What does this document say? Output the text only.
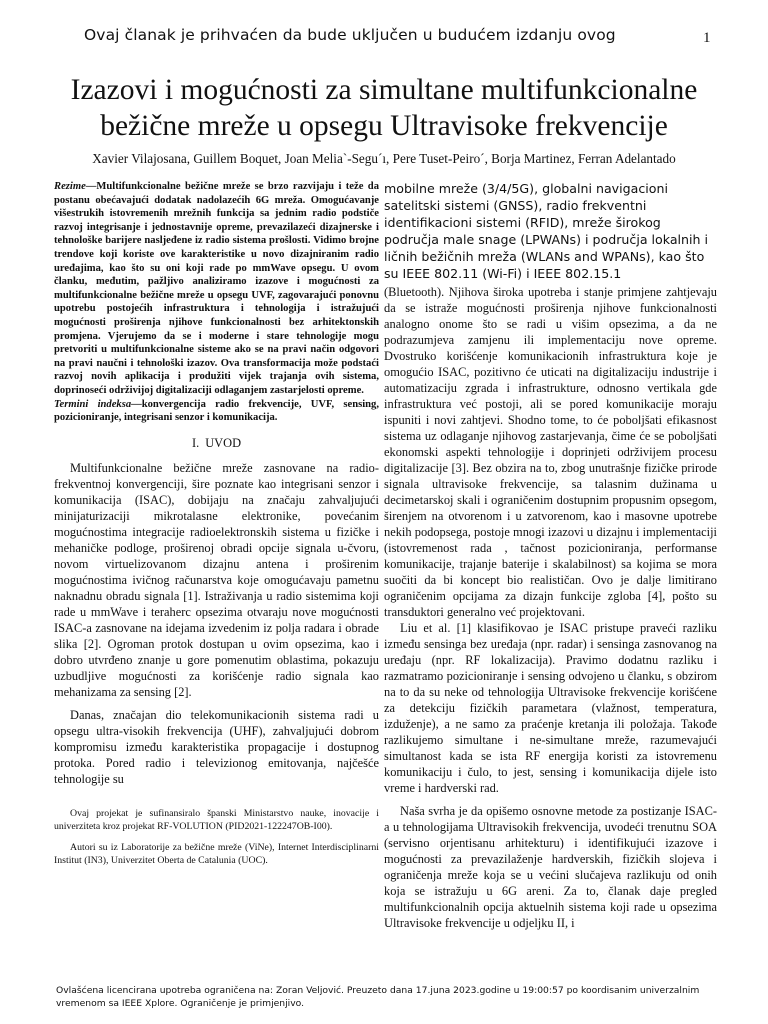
Ovaj članak je prihvaćen da bude uključen u budućem izdanju ovog	1
Izazovi i mogućnosti za simultane multifunkcionalne
bežične mreže u opsegu Ultravisoke frekvencije
Xavier Vilajosana, Guillem Boquet, Joan Melia`-Segu´ı, Pere Tuset-Peiro´, Borja Martinez, Ferran Adelantado

Rezime—Multifunkcionalne bežične mreže se brzo razvijaju i teže da postanu obećavajući dodatak nadolazećih 6G mreža. Omogućavanje višestrukih istovremenih mrežnih funkcija sa jednim radio podstiče razvoj integrisanje i jednostavnije opreme, prevazilazeći dizajnerske i tehnološke barijere nasljeđene iz radio sistema prošlosti. Vidimo brojne trendove koji koriste ove karakteristike u novo dizajniranim radio uređajima, kao što su oni koji rade po mmWave opsegu. U ovom članku, međutim, pažljivo analiziramo izazove i mogućnosti za multifunkcionalne bežične mreže u opsegu UVF, zagovarajući ponovnu upotrebu postojećih infrastruktura i tehnologija i istražujući mogućnosti proširenja njihove funkcionalnosti bez arhitektonskih promjena. Vjerujemo da se i moderne i stare tehnologije mogu pretvoriti u multifunkcionalne sisteme ako se na pravi način odgovori na pravi naučni i tehnološki izazov. Ova transformacija može podstaći razvoj novih aplikacija i produžiti vijek trajanja ovih sistema, doprinoseći održivijoj digitalizaciji odlaganjem zastarjelosti opreme.

Termini indeksa—konvergencija radio frekvencije, UVF, sensing, pozicioniranje, integrisani senzor i komunikacija.

I. UVOD

Multifunkcionalne bežične mreže zasnovane na radio-frekventnoj konvergenciji, šire poznate kao integrisani senzor i komunikacija (ISAC), dobijaju na značaju zahvaljujući minijaturizaciji mikrotalasne elektronike, povećanim mogućnostima integracije radioelektronskih sistema u fizičke i mehaničke podloge, proširenoj obradi opcije signala u-čvoru, novom virtuelizovanom dizajnu antena i proširenim mogućnostima ivičnog računarstva koje omogućavaju pametnu naknadnu obradu signala [1]. Istraživanja u radio sistemima koji rade u mmWave i teraherc opsezima otvaraju nove mogućnosti ISAC-a zasnovane na idejama izvedenim iz polja radara i obrade slika [2]. Ogroman protok dostupan u ovim opsezima, kao i dobro utvrđeno znanje u gore pomenutim oblastima, pokazuju uzbudljive mogućnosti za korišćenje radio signala kao mehanizama za sensing [2].

Danas, značajan dio telekomunikacionih sistema radi u opsegu ultra-visokih frekvencija (UHF), zahvaljujući dobrom kompromisu između karakteristika propagacije i dostupnog protoka. Pored radio i televizionog emitovanja, najčešće tehnologije su

Ovaj projekat je sufinansiralo španski Ministarstvo nauke, inovacije i univerziteta kroz projekat RF-VOLUTION (PID2021-122247OB-I00).

Autori su iz Laboratorije za bežične mreže (ViNe), Internet Interdisciplinarni Institut (IN3), Univerzitet Oberta de Catalunia (UOC).

mobilne mreže (3/4/5G), globalni navigacioni satelitski sistemi (GNSS), radio frekventni identifikacioni sistemi (RFID), mreže širokog područja male snage (LPWANs) i područja lokalnih i ličnih bežičnih mreža (WLANs and WPANs), kao što su IEEE 802.11 (Wi-Fi) i IEEE 802.15.1

(Bluetooth). Njihova široka upotreba i stanje primjene zahtjevaju da se istraže mogućnosti proširenja njihove funkcionalnosti analogno onome što se radi u višim opsezima, a da ne podrazumjeva zamjenu ili implementaciju nove opreme. Dvostruko korišćenje komunikacionih infrastruktura koje je omogućio ISAC, pozitivno će uticati na digitalizaciju industrije i automatizaciju zgrada i infrastrukture, odnosno vertikala gde infrastruktura već postoji, ali se pored komunikacije moraju ispuniti i novi zahtjevi. Shodno tome, to će poboljšati efikasnost sistema uz odlaganje njihovog zastarjevanja, čime će se poboljšati ekonomski aspekti tehnologije i doprinjeti održivijem procesu digitalizacije [3]. Bez obzira na to, zbog unutrašnje fizičke prirode signala ultravisoke frekvencije, sa talasnim dužinama u decimetarskoj skali i ograničenim dostupnim propusnim opsegom, širenjem na otvorenom i u zatvorenom, kao i masovne upotrebe nekih podopsega, postoje mnogi izazovi u dizajnu i implementaciji (istovremenost rada , tačnost pozicioniranja, performanse komunikacije, trajanje baterije i skalabilnost) sa kojima se mora suočiti da bi koncept bio realističan. Ovo je dalje limitirano ograničenim opcijama za dizajn funkcije zgloba [4], pošto su transduktori generalno već projektovani.

Liu et al. [1] klasifikovao je ISAC pristupe praveći razliku između sensinga bez uređaja (npr. radar) i sensinga zasnovanog na uređaju (npr. RF lokalizacija). Pravimo dodatnu razliku i razmatramo pozicioniranje i sensing odvojeno u članku, s obzirom na to da su neke od tehnologija Ultravisoke frekvencije korišćene za detekciju fizičkih parametara (vlažnost, temperatura, izduženje), a ne samo za praćenje kretanja ili položaja. Takođe razlikujemo simultane i ne-simultane mreže, razumevajući simultanost kada se ista RF energija koristi za istovremenu komunikaciju i čulo, to jest, sensing i komunikacija dijele isto vreme i hardverski rad.

Naša svrha je da opišemo osnovne metode za postizanje ISAC-a u tehnologijama Ultravisokih frekvencija, uvodeći trenutnu SOA (servisno orjentisanu arhitekturu) i identifikujući izazove i mogućnosti za prevazilaženje hardverskih, fizičkih slojeva i ograničenja mreže koja se u većini slučajeva razlikuju od onih koja se istražuju u 6G areni. Za to, članak daje pregled multifunkcionalnih opcija aktuelnih sistema koji rade u opsezima Ultravisoke frekvencije u odjeljku II, i

Ovlašćena licencirana upotreba ograničena na: Zoran Veljović. Preuzeto dana 17.juna 2023.godine u 19:00:57 po koordisanim univerzalnim vremenom sa IEEE Xplore. Ograničenje je primjenjivo.
